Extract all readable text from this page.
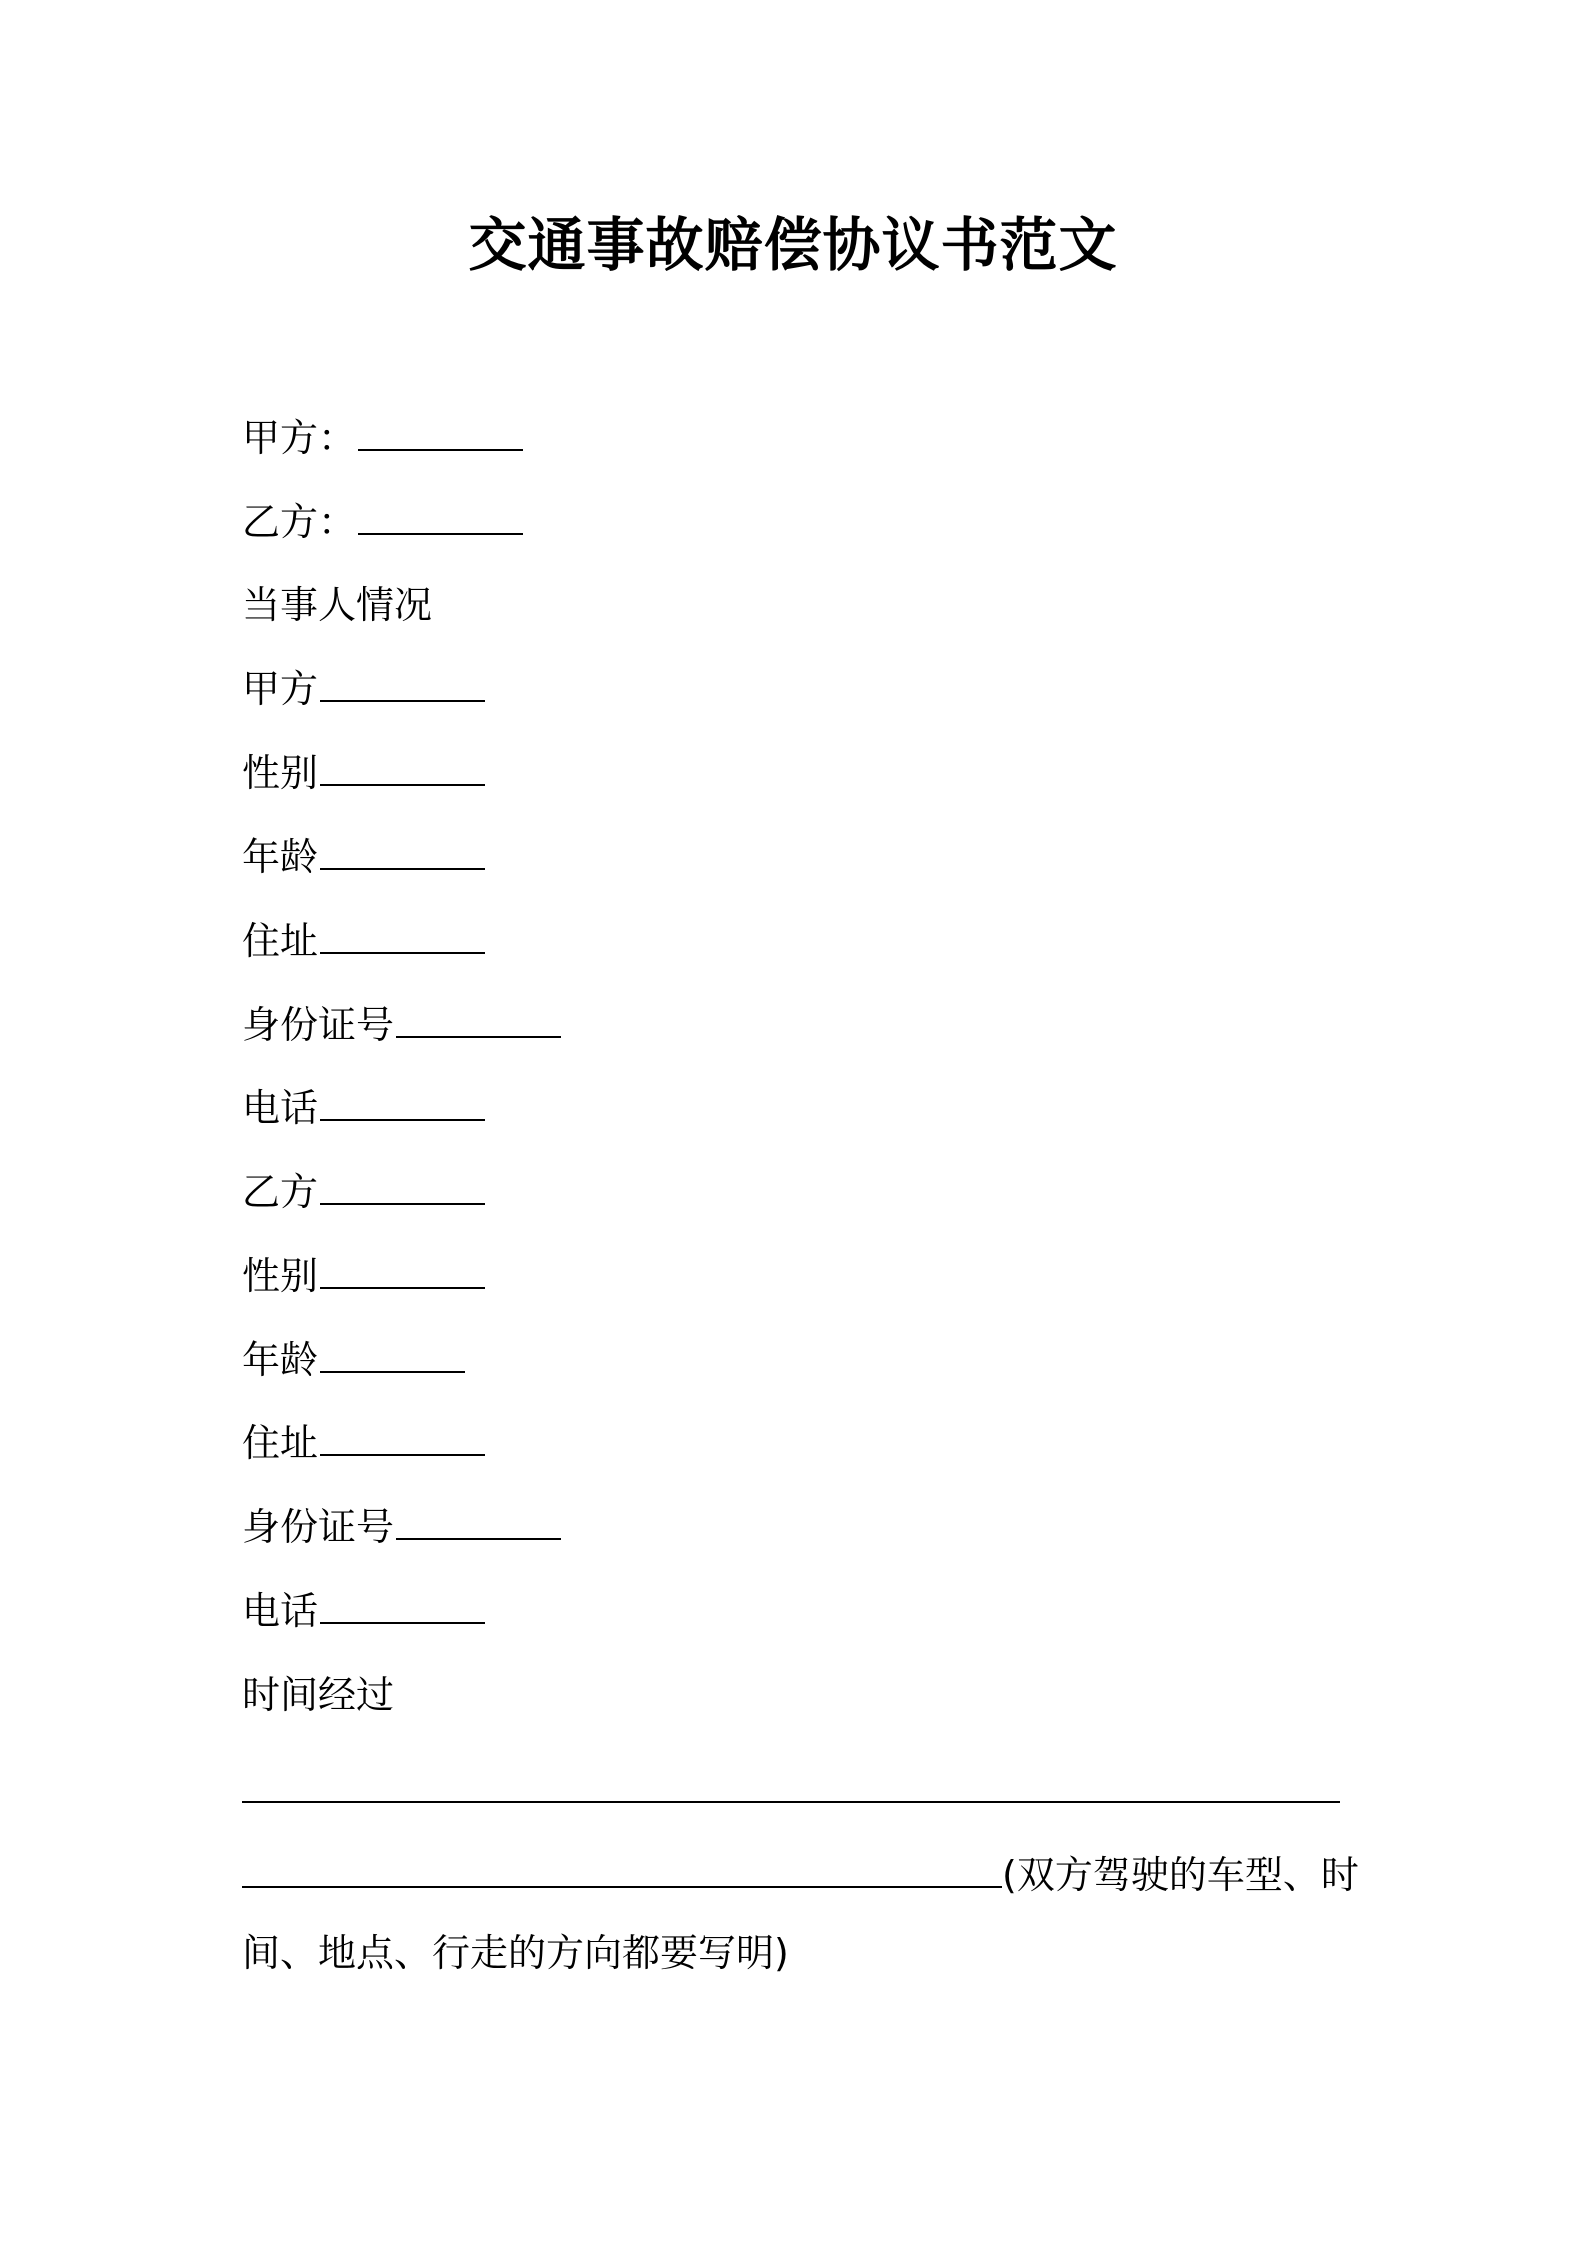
交通事故赔偿协议书范文
甲方：
乙方：
当事人情况
甲方
性别
年龄
住址
身份证号
电话
乙方
性别
年龄
住址
身份证号
电话
时间经过
(双方驾驶的车型、时
间、地点、行走的方向都要写明)
